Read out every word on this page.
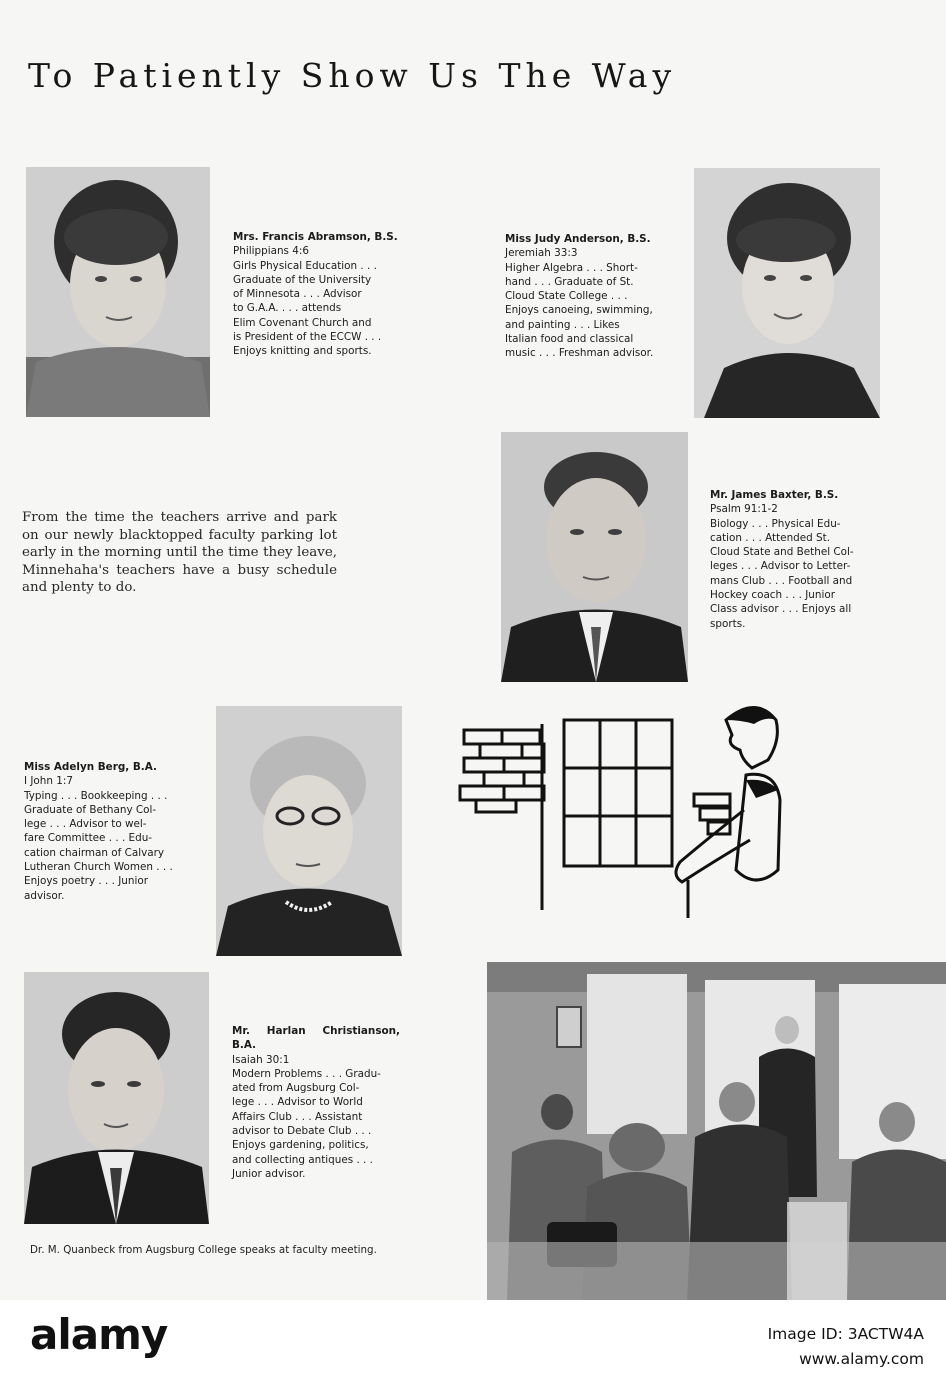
To Patiently Show Us The Way
Mrs. Francis Abramson, B.S.
Philippians 4:6
Girls Physical Education . . .
Graduate of the University
of Minnesota . . . Advisor
to G.A.A. . . . attends
Elim Covenant Church and
is President of the ECCW . . .
Enjoys knitting and sports.
Miss Judy Anderson, B.S.
Jeremiah 33:3
Higher Algebra . . . Short-
hand . . . Graduate of St.
Cloud State College . . .
Enjoys canoeing, swimming,
and painting . . . Likes
Italian food and classical
music . . . Freshman advisor.
From the time the teachers arrive and park on our newly blacktopped faculty parking lot early in the morning until the time they leave, Minnehaha's teachers have a busy schedule and plenty to do.
Mr. James Baxter, B.S.
Psalm 91:1-2
Biology . . . Physical Edu-
cation . . . Attended St.
Cloud State and Bethel Col-
leges . . . Advisor to Letter-
mans Club . . . Football and
Hockey coach . . . Junior
Class advisor . . . Enjoys all
sports.
Miss Adelyn Berg, B.A.
I John 1:7
Typing . . . Bookkeeping . . .
Graduate of Bethany Col-
lege . . . Advisor to wel-
fare Committee . . . Edu-
cation chairman of Calvary
Lutheran Church Women . . .
Enjoys poetry . . . Junior
advisor.
Mr. Harlan Christianson, B.A.
Isaiah 30:1
Modern Problems . . . Gradu-
ated from Augsburg Col-
lege . . . Advisor to World
Affairs Club . . . Assistant
advisor to Debate Club . . .
Enjoys gardening, politics,
and collecting antiques . . .
Junior advisor.
Dr. M. Quanbeck from Augsburg College speaks at faculty meeting.
alamy	Image ID: 3ACTW4A
www.alamy.com
